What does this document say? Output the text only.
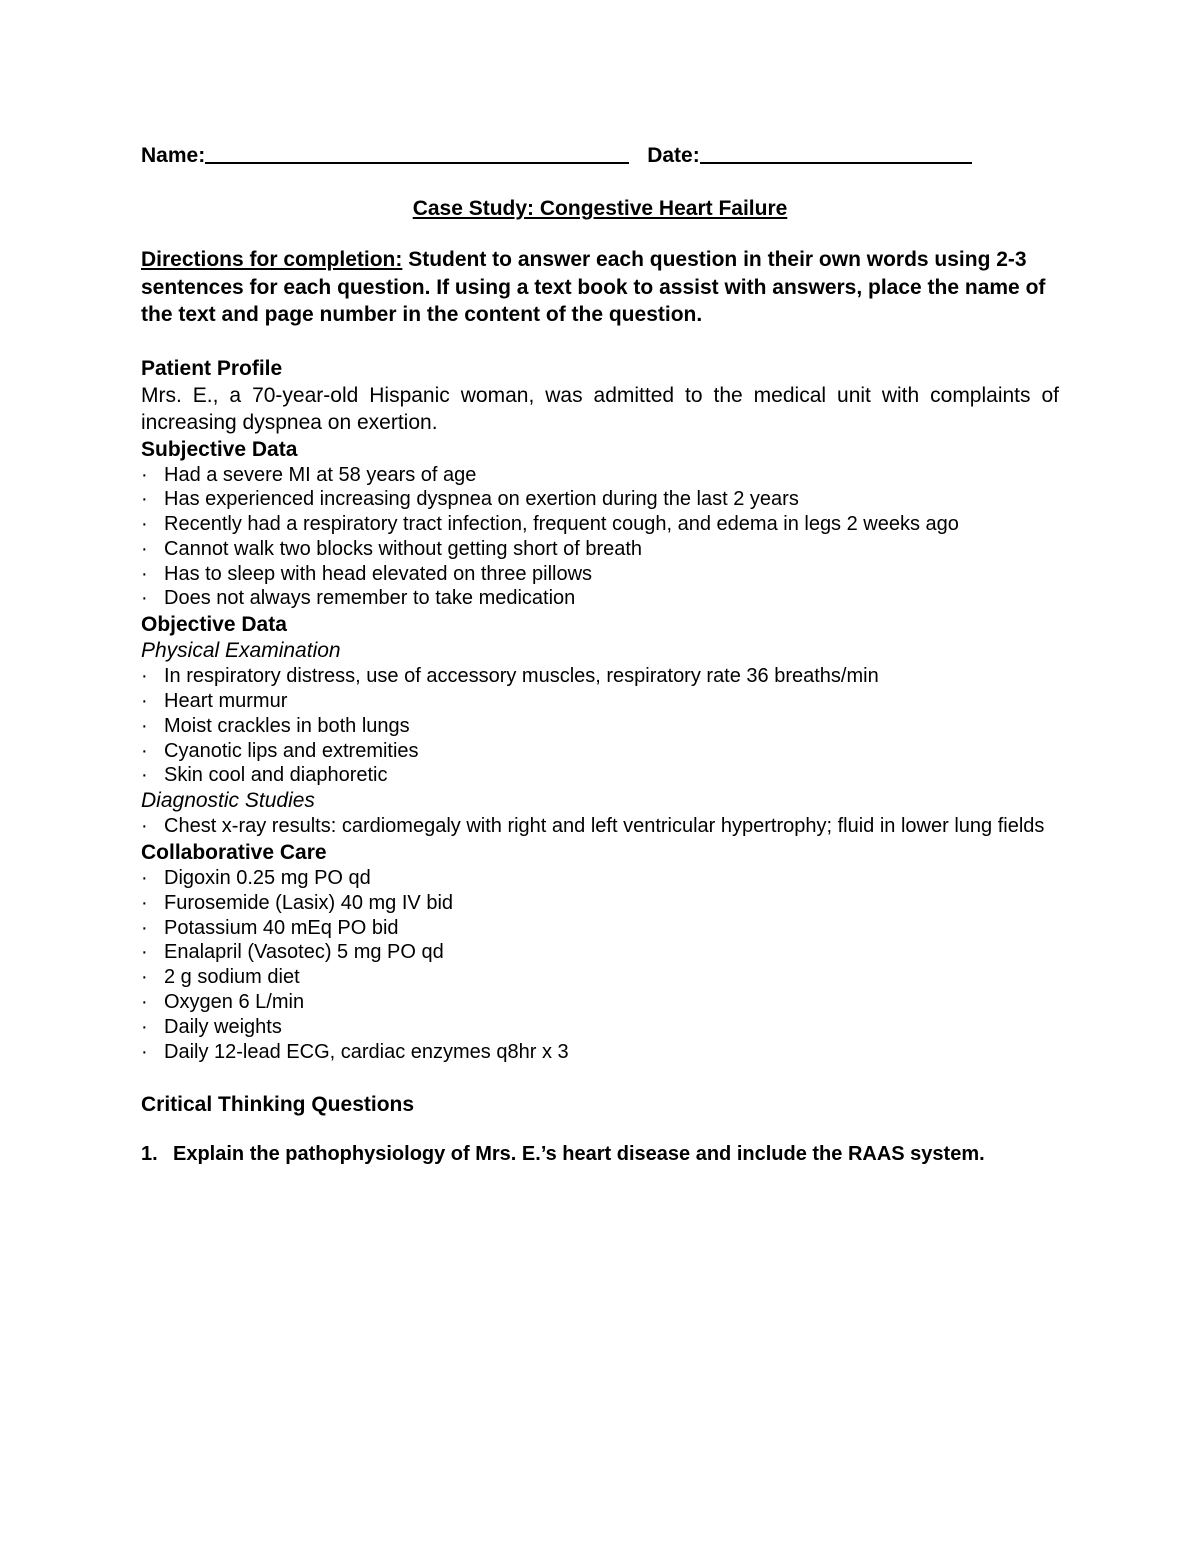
Name:	Date:
Case Study: Congestive Heart Failure
Directions for completion: Student to answer each question in their own words using 2-3 sentences for each question. If using a text book to assist with answers, place the name of the text and page number in the content of the question.
Patient Profile
Mrs. E., a 70-year-old Hispanic woman, was admitted to the medical unit with complaints of increasing dyspnea on exertion.
Subjective Data
· Had a severe MI at 58 years of age
· Has experienced increasing dyspnea on exertion during the last 2 years
· Recently had a respiratory tract infection, frequent cough, and edema in legs 2 weeks ago
· Cannot walk two blocks without getting short of breath
· Has to sleep with head elevated on three pillows
· Does not always remember to take medication
Objective Data
Physical Examination
· In respiratory distress, use of accessory muscles, respiratory rate 36 breaths/min
· Heart murmur
· Moist crackles in both lungs
· Cyanotic lips and extremities
· Skin cool and diaphoretic
Diagnostic Studies
· Chest x-ray results: cardiomegaly with right and left ventricular hypertrophy; fluid in lower lung fields
Collaborative Care
· Digoxin 0.25 mg PO qd
· Furosemide (Lasix) 40 mg IV bid
· Potassium 40 mEq PO bid
· Enalapril (Vasotec) 5 mg PO qd
· 2 g sodium diet
· Oxygen 6 L/min
· Daily weights
· Daily 12-lead ECG, cardiac enzymes q8hr x 3
Critical Thinking Questions
1. Explain the pathophysiology of Mrs. E.’s heart disease and include the RAAS system.
